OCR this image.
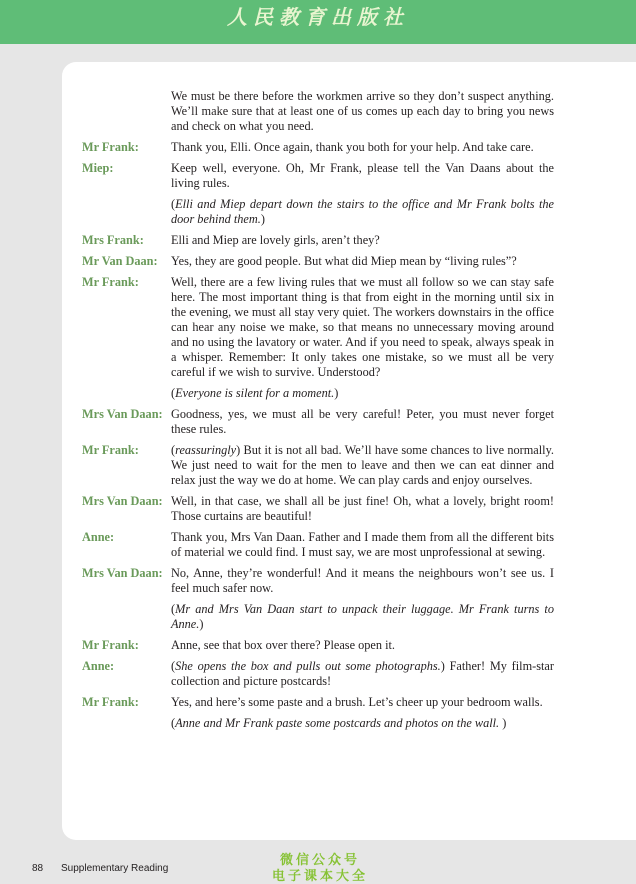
人民教育出版社
We must be there before the workmen arrive so they don’t suspect anything. We’ll make sure that at least one of us comes up each day to bring you news and check on what you need.
Mr Frank:	Thank you, Elli. Once again, thank you both for your help. And take care.
Miep:	Keep well, everyone. Oh, Mr Frank, please tell the Van Daans about the living rules.
(Elli and Miep depart down the stairs to the office and Mr Frank bolts the door behind them.)
Mrs Frank:	Elli and Miep are lovely girls, aren’t they?
Mr Van Daan:	Yes, they are good people. But what did Miep mean by “living rules”?
Mr Frank:	Well, there are a few living rules that we must all follow so we can stay safe here. The most important thing is that from eight in the morning until six in the evening, we must all stay very quiet. The workers downstairs in the office can hear any noise we make, so that means no unnecessary moving around and no using the lavatory or water. And if you need to speak, always speak in a whisper. Remember: It only takes one mistake, so we must all be very careful if we wish to survive. Understood?
(Everyone is silent for a moment.)
Mrs Van Daan: Goodness, yes, we must all be very careful! Peter, you must never forget these rules.
Mr Frank:	(reassuringly) But it is not all bad. We’ll have some chances to live normally. We just need to wait for the men to leave and then we can eat dinner and relax just the way we do at home. We can play cards and enjoy ourselves.
Mrs Van Daan: Well, in that case, we shall all be just fine! Oh, what a lovely, bright room! Those curtains are beautiful!
Anne:	Thank you, Mrs Van Daan. Father and I made them from all the different bits of material we could find. I must say, we are most unprofessional at sewing.
Mrs Van Daan: No, Anne, they’re wonderful! And it means the neighbours won’t see us. I feel much safer now.
(Mr and Mrs Van Daan start to unpack their luggage. Mr Frank turns to Anne.)
Mr Frank:	Anne, see that box over there? Please open it.
Anne:	(She opens the box and pulls out some photographs.) Father! My film-star collection and picture postcards!
Mr Frank:	Yes, and here’s some paste and a brush. Let’s cheer up your bedroom walls.
(Anne and Mr Frank paste some postcards and photos on the wall. )
88 Supplementary Reading
微信公众号
电子课本大全
